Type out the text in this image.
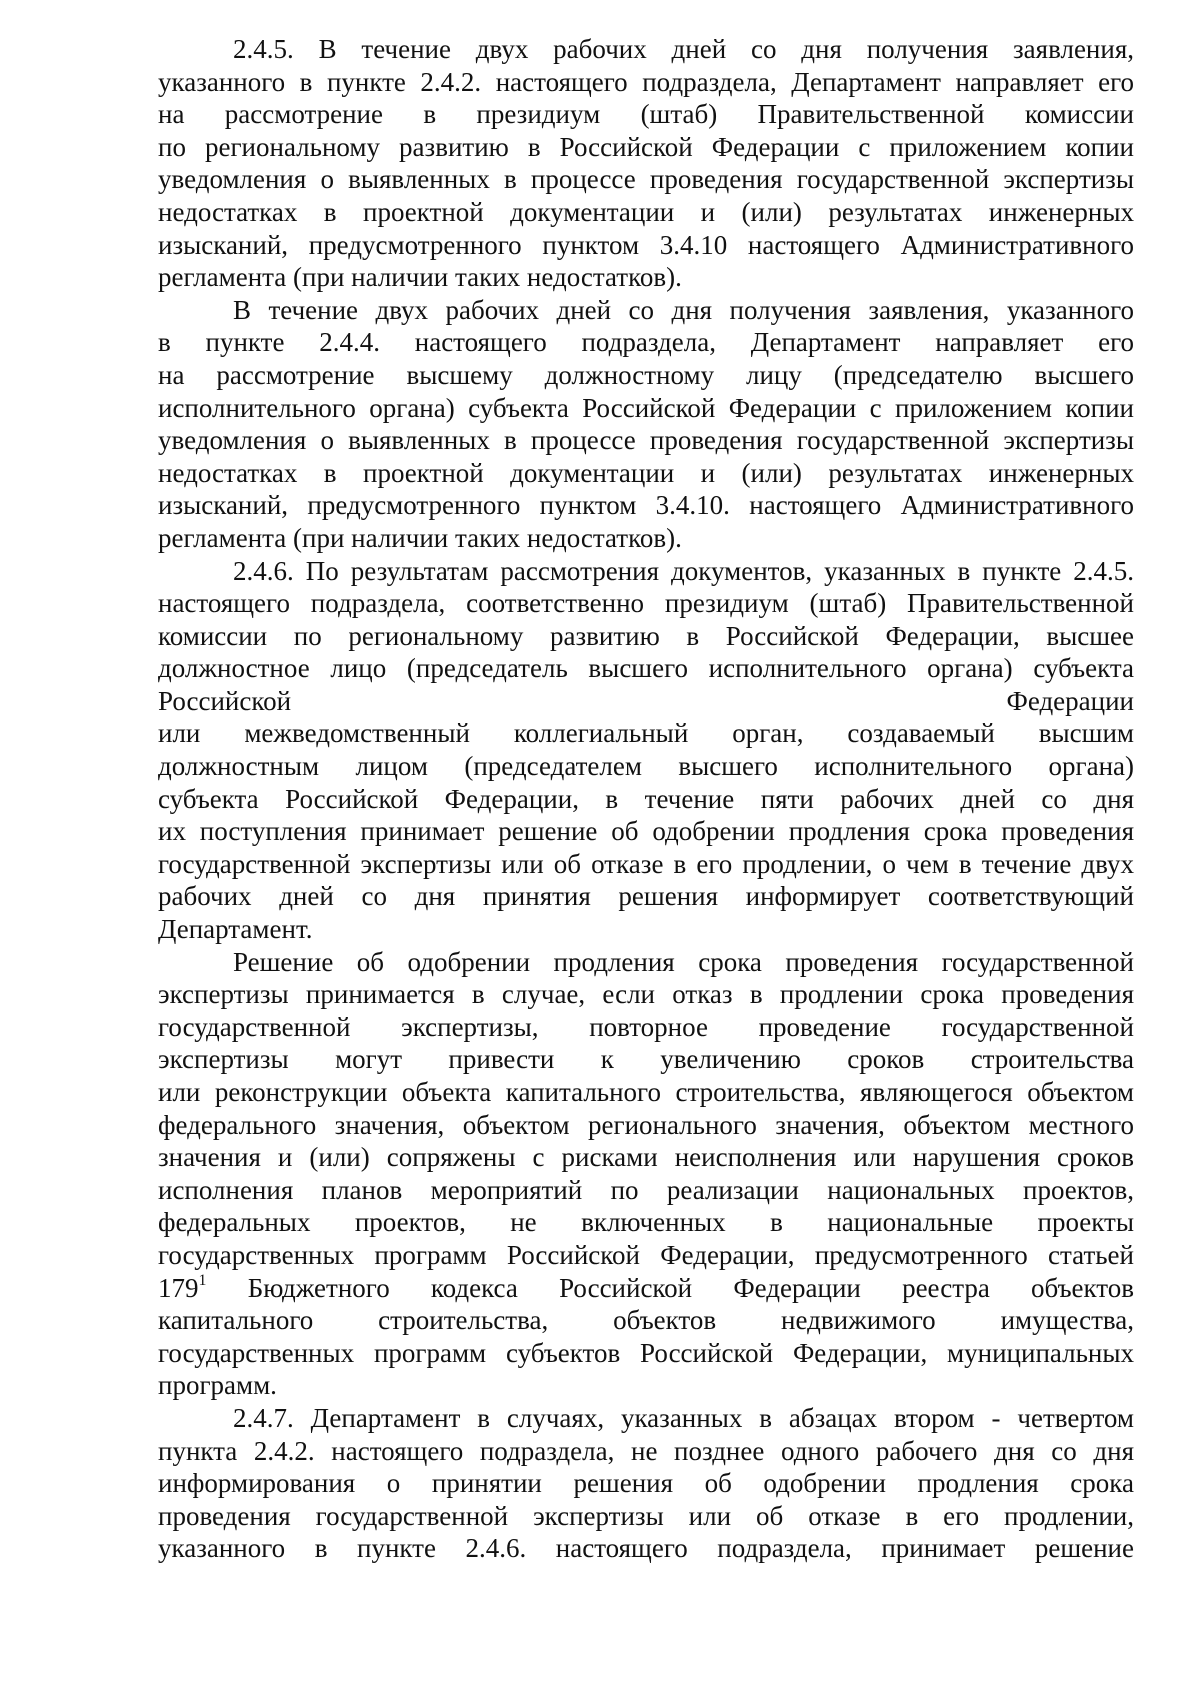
2.4.5. В течение двух рабочих дней со дня получения заявления,
указанного в пункте 2.4.2. настоящего подраздела, Департамент направляет его
на рассмотрение в президиум (штаб) Правительственной комиссии
по региональному развитию в Российской Федерации с приложением копии
уведомления о выявленных в процессе проведения государственной экспертизы
недостатках в проектной документации и (или) результатах инженерных
изысканий, предусмотренного пунктом 3.4.10 настоящего Административного
регламента (при наличии таких недостатков).
В течение двух рабочих дней со дня получения заявления, указанного
в пункте 2.4.4. настоящего подраздела, Департамент направляет его
на рассмотрение высшему должностному лицу (председателю высшего
исполнительного органа) субъекта Российской Федерации с приложением копии
уведомления о выявленных в процессе проведения государственной экспертизы
недостатках в проектной документации и (или) результатах инженерных
изысканий, предусмотренного пунктом 3.4.10. настоящего Административного
регламента (при наличии таких недостатков).
2.4.6. По результатам рассмотрения документов, указанных в пункте 2.4.5.
настоящего подраздела, соответственно президиум (штаб) Правительственной
комиссии по региональному развитию в Российской Федерации, высшее
должностное лицо (председатель высшего исполнительного органа) субъекта
Российской Федерации
или межведомственный коллегиальный орган, создаваемый высшим
должностным лицом (председателем высшего исполнительного органа)
субъекта Российской Федерации, в течение пяти рабочих дней со дня
их поступления принимает решение об одобрении продления срока проведения
государственной экспертизы или об отказе в его продлении, о чем в течение двух
рабочих дней со дня принятия решения информирует соответствующий
Департамент.
Решение об одобрении продления срока проведения государственной
экспертизы принимается в случае, если отказ в продлении срока проведения
государственной экспертизы, повторное проведение государственной
экспертизы могут привести к увеличению сроков строительства
или реконструкции объекта капитального строительства, являющегося объектом
федерального значения, объектом регионального значения, объектом местного
значения и (или) сопряжены с рисками неисполнения или нарушения сроков
исполнения планов мероприятий по реализации национальных проектов,
федеральных проектов, не включенных в национальные проекты
государственных программ Российской Федерации, предусмотренного статьей
$179^1$ Бюджетного кодекса Российской Федерации реестра объектов
капитального строительства, объектов недвижимого имущества,
государственных программ субъектов Российской Федерации, муниципальных
программ.
2.4.7. Департамент в случаях, указанных в абзацах втором - четвертом
пункта 2.4.2. настоящего подраздела, не позднее одного рабочего дня со дня
информирования о принятии решения об одобрении продления срока
проведения государственной экспертизы или об отказе в его продлении,
указанного в пункте 2.4.6. настоящего подраздела, принимает решение
